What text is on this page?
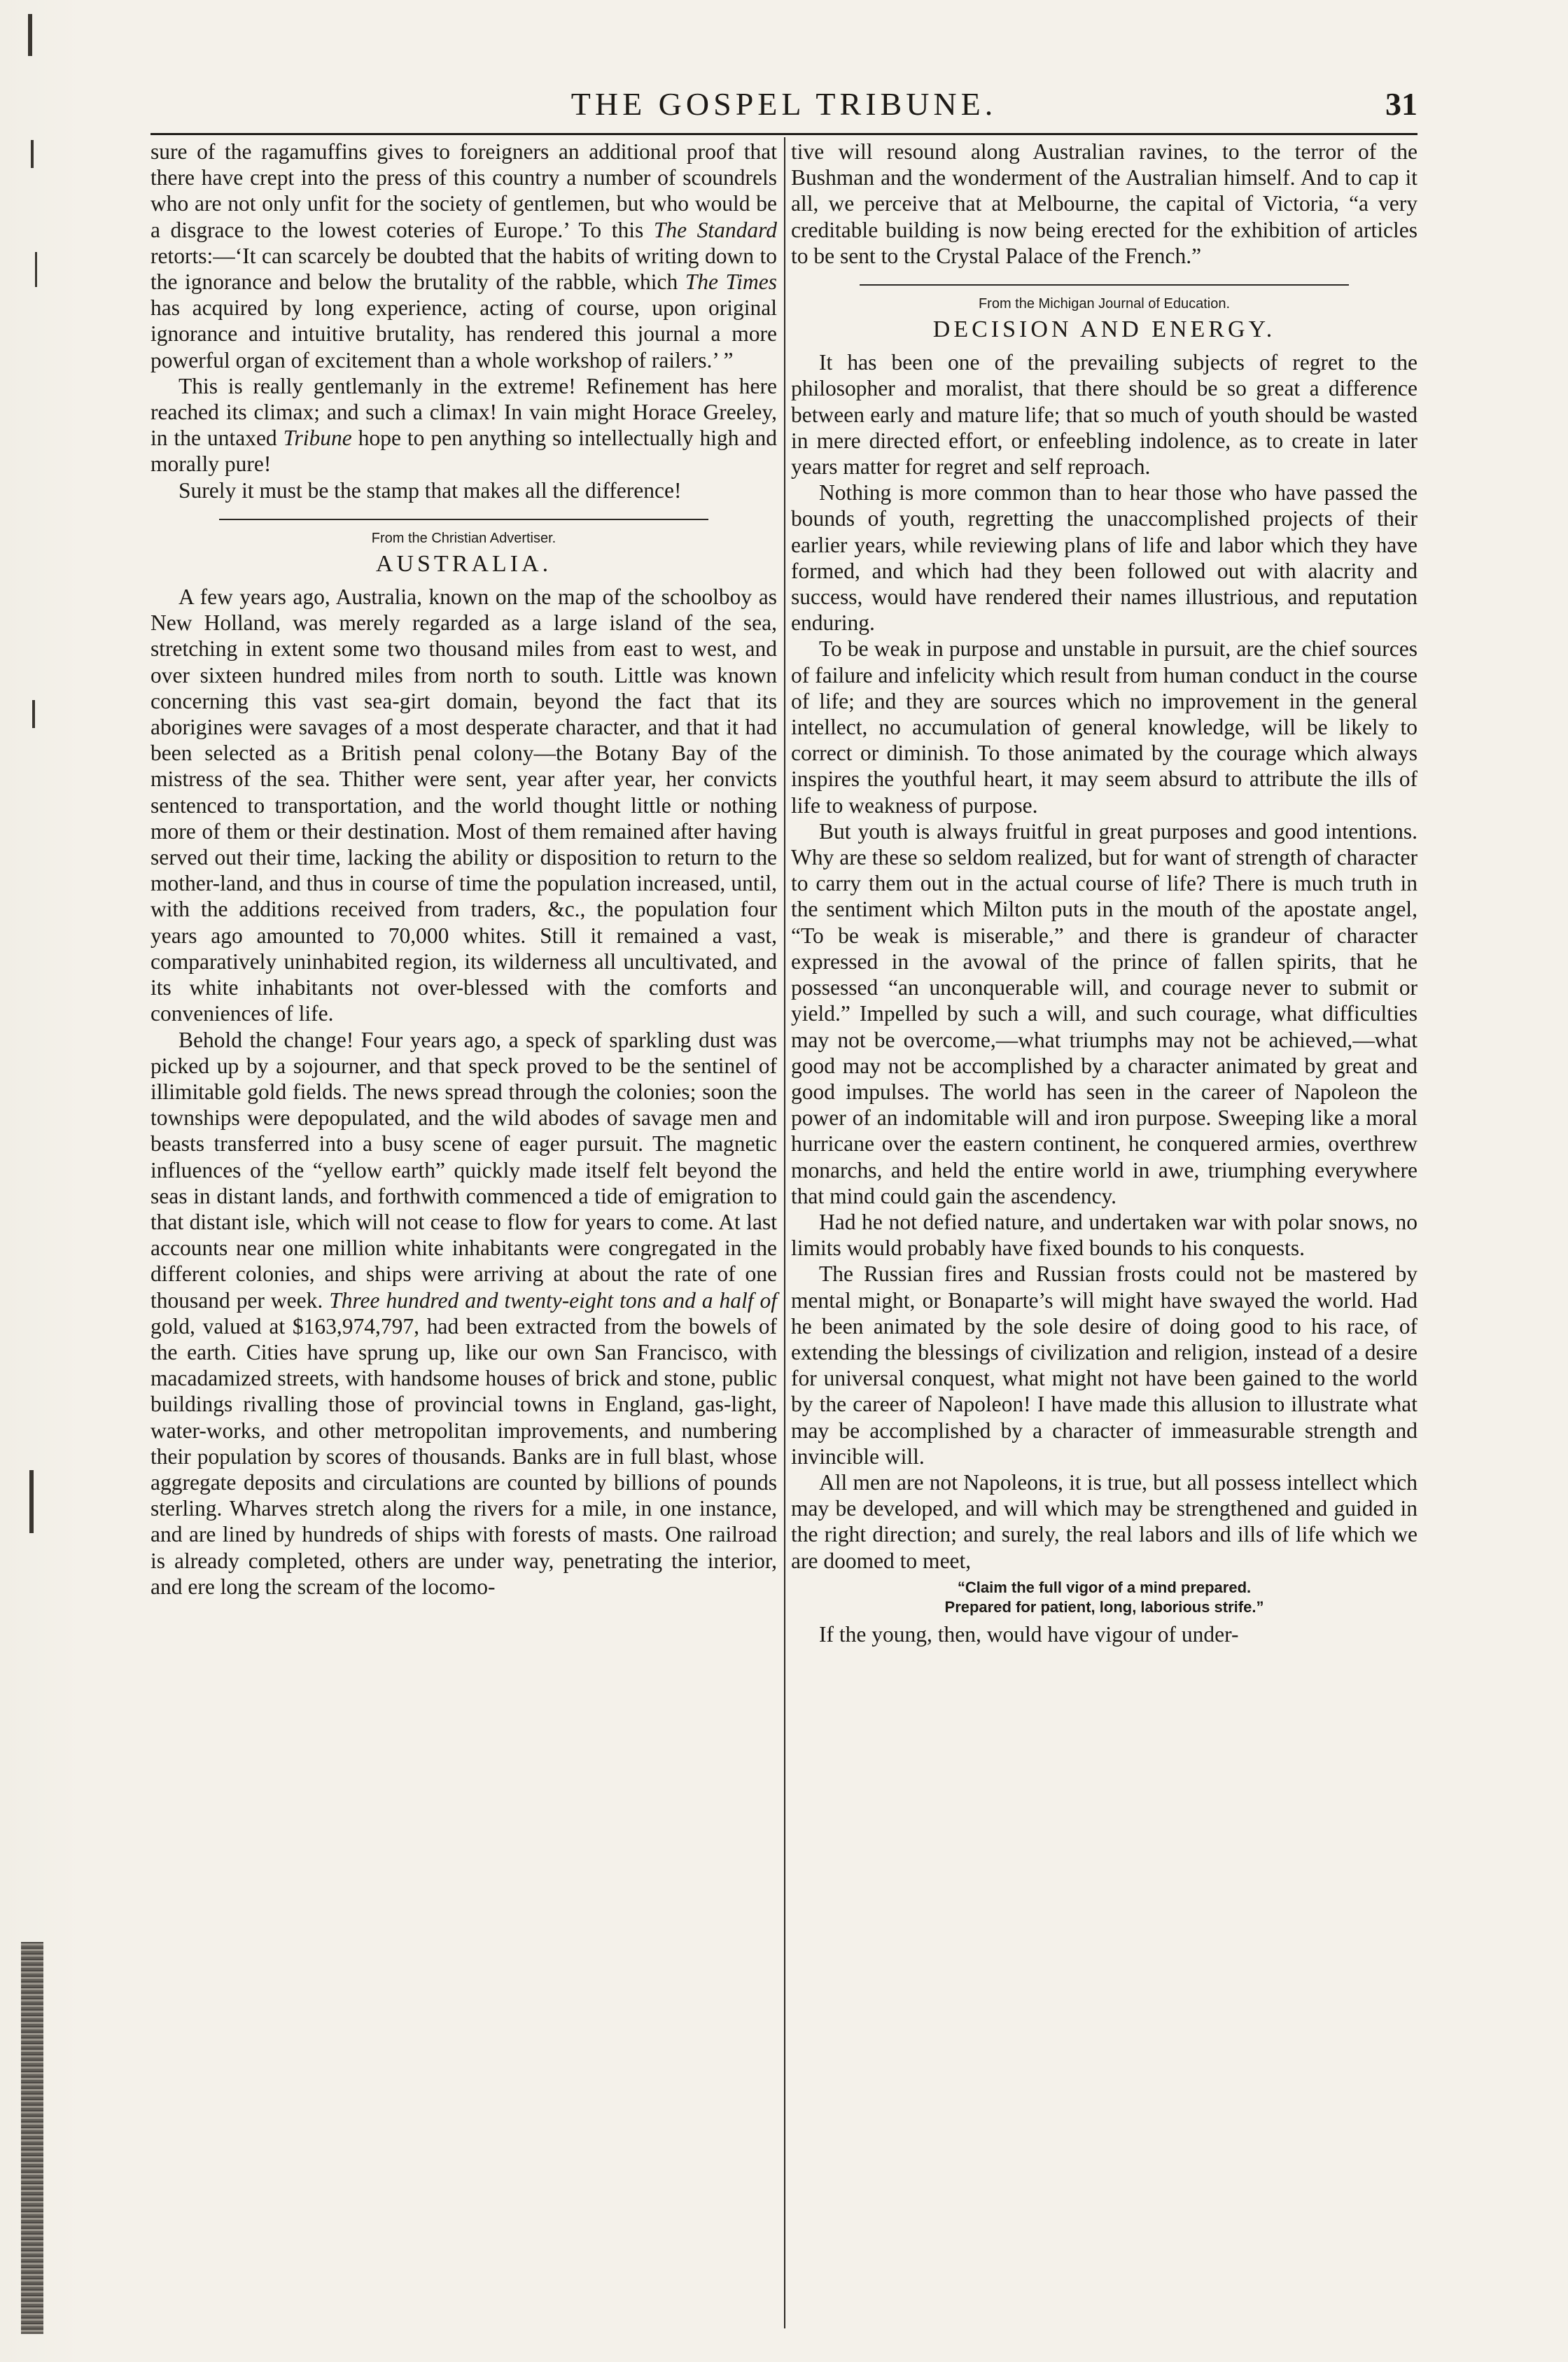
THE GOSPEL TRIBUNE.	31

sure of the ragamuffins gives to foreigners an additional proof that there have crept into the press of this country a number of scoundrels who are not only unfit for the society of gentlemen, but who would be a disgrace to the lowest coteries of Europe.’ To this The Standard retorts:—‘It can scarcely be doubted that the habits of writing down to the ignorance and below the brutality of the rabble, which The Times has acquired by long experience, acting of course, upon original ignorance and intuitive brutality, has rendered this journal a more powerful organ of excitement than a whole workshop of railers.’ ”

This is really gentlemanly in the extreme! Refinement has here reached its climax; and such a climax! In vain might Horace Greeley, in the untaxed Tribune hope to pen anything so intellectually high and morally pure!

Surely it must be the stamp that makes all the difference!

From the Christian Advertiser.
AUSTRALIA.

A few years ago, Australia, known on the map of the schoolboy as New Holland, was merely regarded as a large island of the sea, stretching in extent some two thousand miles from east to west, and over sixteen hundred miles from north to south. Little was known concerning this vast sea-girt domain, beyond the fact that its aborigines were savages of a most desperate character, and that it had been selected as a British penal colony—the Botany Bay of the mistress of the sea. Thither were sent, year after year, her convicts sentenced to transportation, and the world thought little or nothing more of them or their destination. Most of them remained after having served out their time, lacking the ability or disposition to return to the mother-land, and thus in course of time the population increased, until, with the additions received from traders, &c., the population four years ago amounted to 70,000 whites. Still it remained a vast, comparatively uninhabited region, its wilderness all uncultivated, and its white inhabitants not over-blessed with the comforts and conveniences of life.

Behold the change! Four years ago, a speck of sparkling dust was picked up by a sojourner, and that speck proved to be the sentinel of illimitable gold fields. The news spread through the colonies; soon the townships were depopulated, and the wild abodes of savage men and beasts transferred into a busy scene of eager pursuit. The magnetic influences of the “yellow earth” quickly made itself felt beyond the seas in distant lands, and forthwith commenced a tide of emigration to that distant isle, which will not cease to flow for years to come. At last accounts near one million white inhabitants were congregated in the different colonies, and ships were arriving at about the rate of one thousand per week. Three hundred and twenty-eight tons and a half of gold, valued at $163,974,797, had been extracted from the bowels of the earth. Cities have sprung up, like our own San Francisco, with macadamized streets, with handsome houses of brick and stone, public buildings rivalling those of provincial towns in England, gas-light, water-works, and other metropolitan improvements, and numbering their population by scores of thousands. Banks are in full blast, whose aggregate deposits and circulations are counted by billions of pounds sterling. Wharves stretch along the rivers for a mile, in one instance, and are lined by hundreds of ships with forests of masts. One railroad is already completed, others are under way, penetrating the interior, and ere long the scream of the locomo-

tive will resound along Australian ravines, to the terror of the Bushman and the wonderment of the Australian himself. And to cap it all, we perceive that at Melbourne, the capital of Victoria, “a very creditable building is now being erected for the exhibition of articles to be sent to the Crystal Palace of the French.”

From the Michigan Journal of Education.
DECISION AND ENERGY.

It has been one of the prevailing subjects of regret to the philosopher and moralist, that there should be so great a difference between early and mature life; that so much of youth should be wasted in mere directed effort, or enfeebling indolence, as to create in later years matter for regret and self reproach.

Nothing is more common than to hear those who have passed the bounds of youth, regretting the unaccomplished projects of their earlier years, while reviewing plans of life and labor which they have formed, and which had they been followed out with alacrity and success, would have rendered their names illustrious, and reputation enduring.

To be weak in purpose and unstable in pursuit, are the chief sources of failure and infelicity which result from human conduct in the course of life; and they are sources which no improvement in the general intellect, no accumulation of general knowledge, will be likely to correct or diminish. To those animated by the courage which always inspires the youthful heart, it may seem absurd to attribute the ills of life to weakness of purpose.

But youth is always fruitful in great purposes and good intentions. Why are these so seldom realized, but for want of strength of character to carry them out in the actual course of life? There is much truth in the sentiment which Milton puts in the mouth of the apostate angel, “To be weak is miserable,” and there is grandeur of character expressed in the avowal of the prince of fallen spirits, that he possessed “an unconquerable will, and courage never to submit or yield.” Impelled by such a will, and such courage, what difficulties may not be overcome,—what triumphs may not be achieved,—what good may not be accomplished by a character animated by great and good impulses. The world has seen in the career of Napoleon the power of an indomitable will and iron purpose. Sweeping like a moral hurricane over the eastern continent, he conquered armies, overthrew monarchs, and held the entire world in awe, triumphing everywhere that mind could gain the ascendency.

Had he not defied nature, and undertaken war with polar snows, no limits would probably have fixed bounds to his conquests.

The Russian fires and Russian frosts could not be mastered by mental might, or Bonaparte’s will might have swayed the world. Had he been animated by the sole desire of doing good to his race, of extending the blessings of civilization and religion, instead of a desire for universal conquest, what might not have been gained to the world by the career of Napoleon! I have made this allusion to illustrate what may be accomplished by a character of immeasurable strength and invincible will.

All men are not Napoleons, it is true, but all possess intellect which may be developed, and will which may be strengthened and guided in the right direction; and surely, the real labors and ills of life which we are doomed to meet,

“Claim the full vigor of a mind prepared.
Prepared for patient, long, laborious strife.”

If the young, then, would have vigour of under-
